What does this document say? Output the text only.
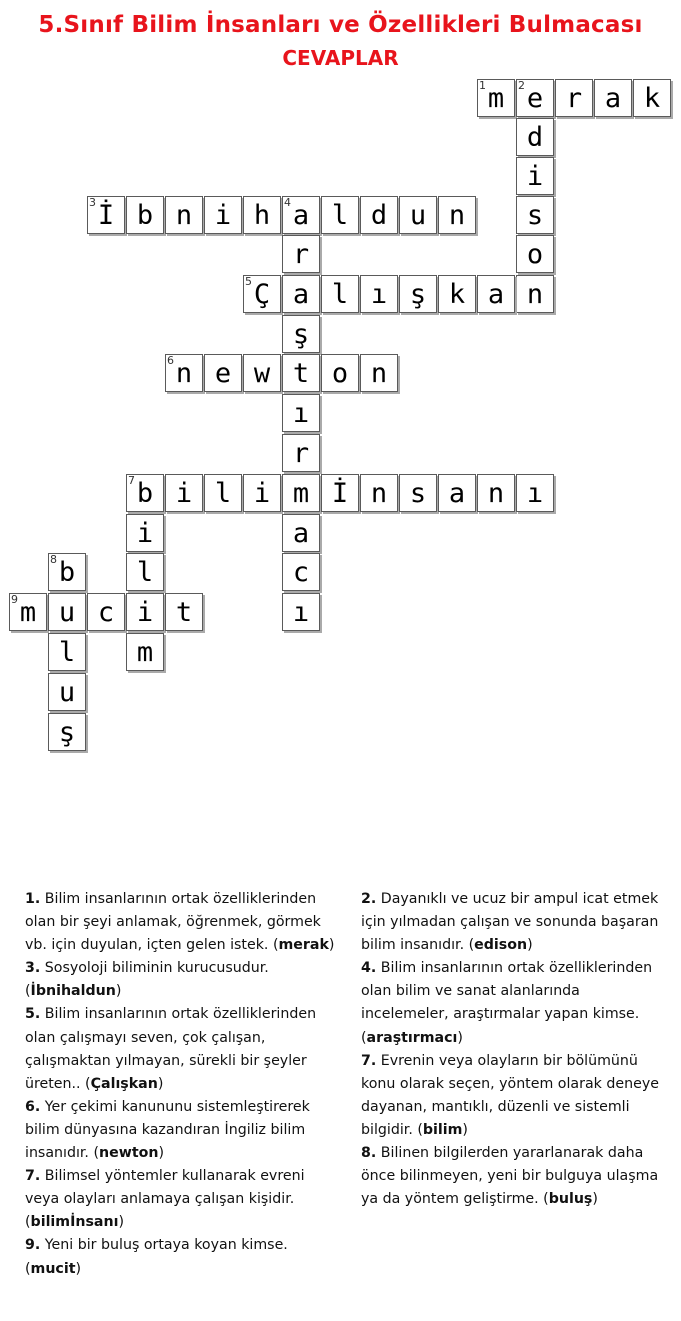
5.Sınıf Bilim İnsanları ve Özellikleri Bulmacası
CEVAPLAR
1 m	2 e r a k
d
i
s
o
n
3 İ b n i h	4 a l d u n
r
5 Ç a l ı ş k a
ş
6 n e w t o n
ı
r
7 b i l i m İ n s a n ı
i	a
8 b	l	c
9 m u c i t	ı
l	m
u
ş

1. Bilim insanlarının ortak özelliklerinden olan bir şeyi anlamak, öğrenmek, görmek vb. için duyulan, içten gelen istek. (merak)

3. Sosyoloji biliminin kurucusudur. (İbnihaldun)

5. Bilim insanlarının ortak özelliklerinden olan çalışmayı seven, çok çalışan, çalışmaktan yılmayan, sürekli bir şeyler üreten.. (Çalışkan)

6. Yer çekimi kanununu sistemleştirerek bilim dünyasına kazandıran İngiliz bilim insanıdır. (newton)

7. Bilimsel yöntemler kullanarak evreni veya olayları anlamaya çalışan kişidir. (bilimİnsanı)

9. Yeni bir buluş ortaya koyan kimse. (mucit)

2. Dayanıklı ve ucuz bir ampul icat etmek için yılmadan çalışan ve sonunda başaran bilim insanıdır. (edison)

4. Bilim insanlarının ortak özelliklerinden olan bilim ve sanat alanlarında incelemeler, araştırmalar yapan kimse. (araştırmacı)

7. Evrenin veya olayların bir bölümünü konu olarak seçen, yöntem olarak deneye dayanan, mantıklı, düzenli ve sistemli bilgidir. (bilim)

8. Bilinen bilgilerden yararlanarak daha önce bilinmeyen, yeni bir bulguya ulaşma ya da yöntem geliştirme. (buluş)
